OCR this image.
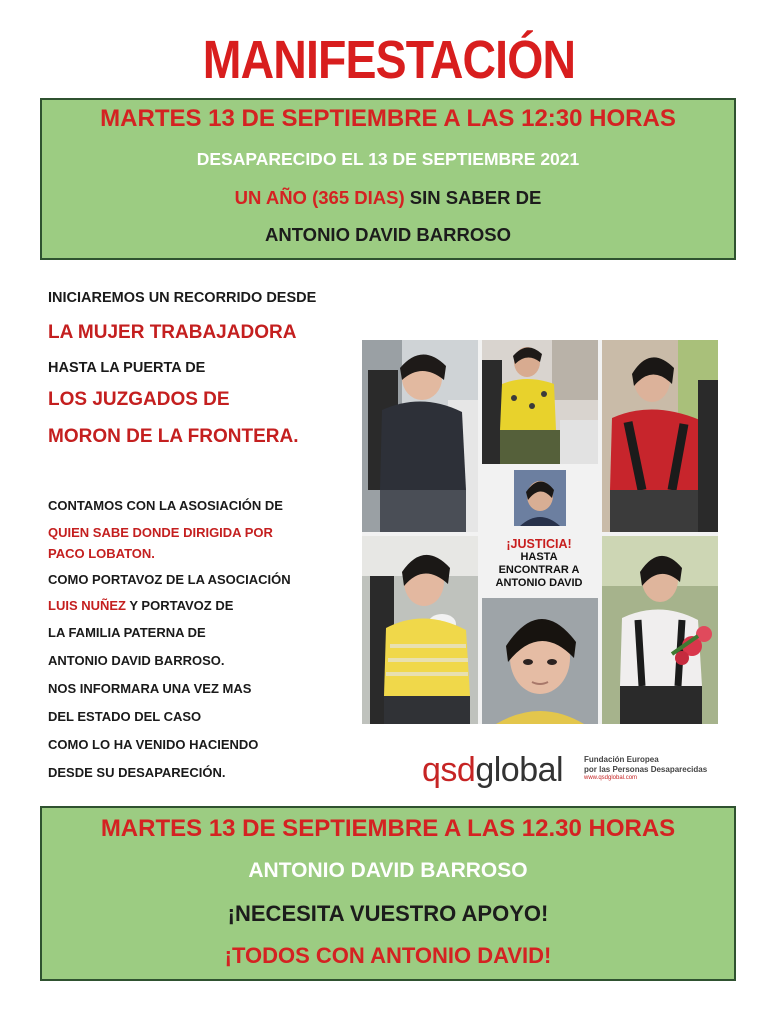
MANIFESTACIÓN
MARTES 13 DE SEPTIEMBRE A LAS 12:30 HORAS
DESAPARECIDO EL 13 DE SEPTIEMBRE 2021
UN AÑO (365 DIAS) SIN SABER DE
ANTONIO DAVID BARROSO
INICIAREMOS UN RECORRIDO DESDE
LA MUJER TRABAJADORA
HASTA LA PUERTA DE
LOS JUZGADOS DE
MORON DE LA FRONTERA.
CONTAMOS CON LA ASOSIACIÓN DE
QUIEN SABE DONDE DIRIGIDA POR
PACO LOBATON.
COMO PORTAVOZ DE LA ASOCIACIÓN
LUIS NUÑEZ Y PORTAVOZ DE
LA FAMILIA PATERNA DE
ANTONIO DAVID BARROSO.
NOS INFORMARA UNA VEZ MAS
DEL ESTADO DEL CASO
COMO LO HA VENIDO HACIENDO
DESDE SU DESAPARECIÓN.
¡JUSTICIA!
HASTA
ENCONTRAR A
ANTONIO DAVID
qsdglobal	Fundación Europea
por las Personas Desaparecidas
www.qsdglobal.com
MARTES 13 DE SEPTIEMBRE A LAS 12.30 HORAS
ANTONIO DAVID BARROSO
¡NECESITA VUESTRO APOYO!
¡TODOS CON ANTONIO DAVID!
